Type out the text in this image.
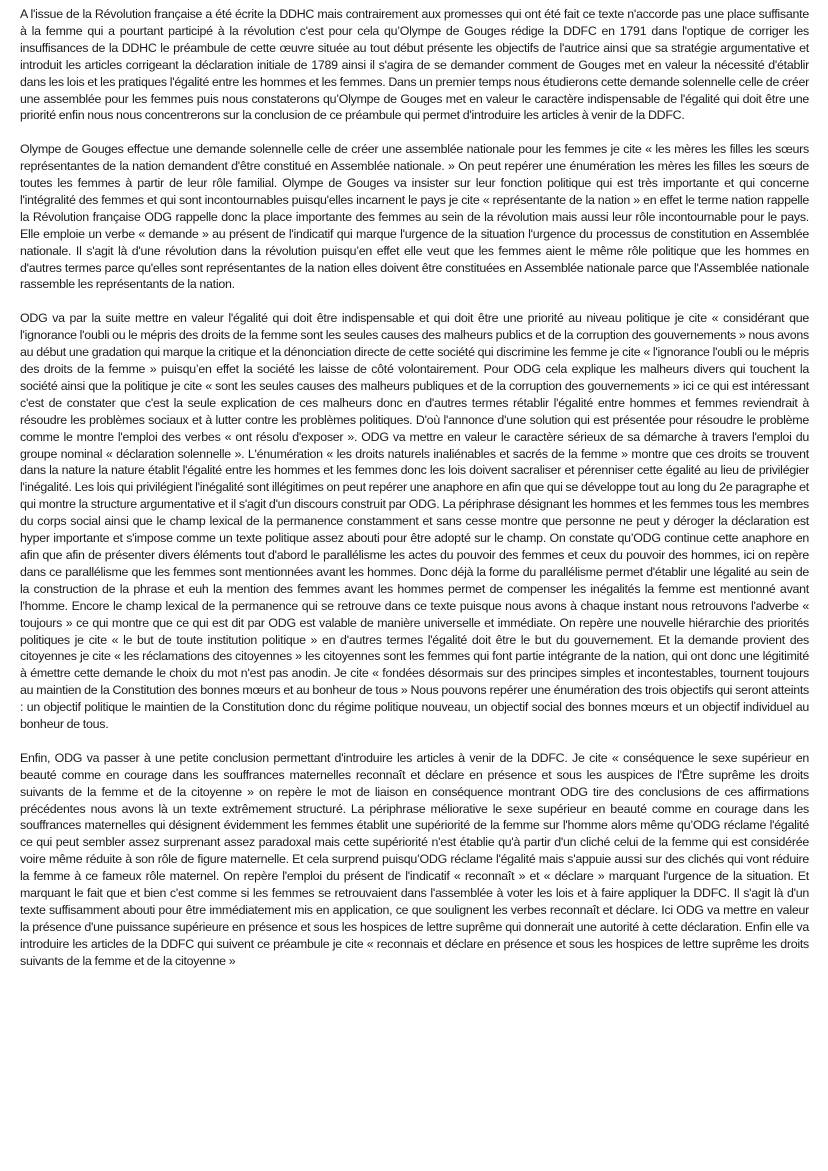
A l'issue de la Révolution française a été écrite la DDHC mais contrairement aux promesses qui ont été fait ce texte n'accorde pas une place suffisante à la femme qui a pourtant participé à la révolution c'est pour cela qu’Olympe de Gouges rédige la DDFC en 1791 dans l'optique de corriger les insuffisances de la DDHC le préambule de cette œuvre située au tout début présente les objectifs de l'autrice ainsi que sa stratégie argumentative et introduit les articles corrigeant la déclaration initiale de 1789 ainsi il s'agira de se demander comment de Gouges met en valeur la nécessité d'établir dans les lois et les pratiques l'égalité entre les hommes et les femmes. Dans un premier temps nous étudierons cette demande solennelle celle de créer une assemblée pour les femmes puis nous constaterons qu’Olympe de Gouges met en valeur le caractère indispensable de l'égalité qui doit être une priorité enfin nous nous concentrerons sur la conclusion de ce préambule qui permet d'introduire les articles à venir de la DDFC.

Olympe de Gouges effectue une demande solennelle celle de créer une assemblée nationale pour les femmes je cite « les mères les filles les sœurs représentantes de la nation demandent d'être constitué en Assemblée nationale. » On peut repérer une énumération les mères les filles les sœurs de toutes les femmes à partir de leur rôle familial. Olympe de Gouges va insister sur leur fonction politique qui est très importante et qui concerne l'intégralité des femmes et qui sont incontournables puisqu'elles incarnent le pays je cite « représentante de la nation » en effet le terme nation rappelle la Révolution française ODG rappelle donc la place importante des femmes au sein de la révolution mais aussi leur rôle incontournable pour le pays. Elle emploie un verbe « demande » au présent de l'indicatif qui marque l'urgence de la situation l'urgence du processus de constitution en Assemblée nationale. Il s'agit là d'une révolution dans la révolution puisqu’en effet elle veut que les femmes aient le même rôle politique que les hommes en d'autres termes parce qu'elles sont représentantes de la nation elles doivent être constituées en Assemblée nationale parce que l'Assemblée nationale rassemble les représentants de la nation.

ODG va par la suite mettre en valeur l'égalité qui doit être indispensable et qui doit être une priorité au niveau politique je cite « considérant que l'ignorance l'oubli ou le mépris des droits de la femme sont les seules causes des malheurs publics et de la corruption des gouvernements » nous avons au début une gradation qui marque la critique et la dénonciation directe de cette société qui discrimine les femme je cite « l'ignorance l'oubli ou le mépris des droits de la femme » puisqu’en effet la société les laisse de côté volontairement. Pour ODG cela explique les malheurs divers qui touchent la société ainsi que la politique je cite « sont les seules causes des malheurs publiques et de la corruption des gouvernements » ici ce qui est intéressant c'est de constater que c'est la seule explication de ces malheurs donc en d'autres termes rétablir l'égalité entre hommes et femmes reviendrait à résoudre les problèmes sociaux et à lutter contre les problèmes politiques. D'où l'annonce d'une solution qui est présentée pour résoudre le problème comme le montre l'emploi des verbes « ont résolu d'exposer ». ODG va mettre en valeur le caractère sérieux de sa démarche à travers l'emploi du groupe nominal « déclaration solennelle ». L'énumération « les droits naturels inaliénables et sacrés de la femme » montre que ces droits se trouvent dans la nature la nature établit l'égalité entre les hommes et les femmes donc les lois doivent sacraliser et pérenniser cette égalité au lieu de privilégier l'inégalité. Les lois qui privilégient l'inégalité sont illégitimes on peut repérer une anaphore en afin que qui se développe tout au long du 2e paragraphe et qui montre la structure argumentative et il s'agit d'un discours construit par ODG. La périphrase désignant les hommes et les femmes tous les membres du corps social ainsi que le champ lexical de la permanence constamment et sans cesse montre que personne ne peut y déroger la déclaration est hyper importante et s'impose comme un texte politique assez abouti pour être adopté sur le champ. On constate qu’ODG continue cette anaphore en afin que afin de présenter divers éléments tout d'abord le parallélisme les actes du pouvoir des femmes et ceux du pouvoir des hommes, ici on repère dans ce parallélisme que les femmes sont mentionnées avant les hommes. Donc déjà la forme du parallélisme permet d'établir une légalité au sein de la construction de la phrase et euh la mention des femmes avant les hommes permet de compenser les inégalités la femme est mentionné avant l'homme. Encore le champ lexical de la permanence qui se retrouve dans ce texte puisque nous avons à chaque instant nous retrouvons l'adverbe « toujours » ce qui montre que ce qui est dit par ODG est valable de manière universelle et immédiate. On repère une nouvelle hiérarchie des priorités politiques je cite « le but de toute institution politique » en d'autres termes l'égalité doit être le but du gouvernement. Et la demande provient des citoyennes je cite « les réclamations des citoyennes » les citoyennes sont les femmes qui font partie intégrante de la nation, qui ont donc une légitimité à émettre cette demande le choix du mot n'est pas anodin. Je cite « fondées désormais sur des principes simples et incontestables, tournent toujours au maintien de la Constitution des bonnes mœurs et au bonheur de tous » Nous pouvons repérer une énumération des trois objectifs qui seront atteints : un objectif politique le maintien de la Constitution donc du régime politique nouveau, un objectif social des bonnes mœurs et un objectif individuel au bonheur de tous.

Enfin, ODG va passer à une petite conclusion permettant d'introduire les articles à venir de la DDFC. Je cite « conséquence le sexe supérieur en beauté comme en courage dans les souffrances maternelles reconnaît et déclare en présence et sous les auspices de l'Être suprême les droits suivants de la femme et de la citoyenne » on repère le mot de liaison en conséquence montrant ODG tire des conclusions de ces affirmations précédentes nous avons là un texte extrêmement structuré. La périphrase méliorative le sexe supérieur en beauté comme en courage dans les souffrances maternelles qui désignent évidemment les femmes établit une supériorité de la femme sur l'homme alors même qu’ODG réclame l'égalité ce qui peut sembler assez surprenant assez paradoxal mais cette supériorité n'est établie qu'à partir d'un cliché celui de la femme qui est considérée voire même réduite à son rôle de figure maternelle. Et cela surprend puisqu’ODG réclame l'égalité mais s'appuie aussi sur des clichés qui vont réduire la femme à ce fameux rôle maternel. On repère l'emploi du présent de l'indicatif « reconnaît » et « déclare » marquant l'urgence de la situation. Et marquant le fait que et bien c'est comme si les femmes se retrouvaient dans l'assemblée à voter les lois et à faire appliquer la DDFC. Il s'agit là d'un texte suffisamment abouti pour être immédiatement mis en application, ce que soulignent les verbes reconnaît et déclare. Ici ODG va mettre en valeur la présence d'une puissance supérieure en présence et sous les hospices de lettre suprême qui donnerait une autorité à cette déclaration. Enfin elle va introduire les articles de la DDFC qui suivent ce préambule je cite « reconnais et déclare en présence et sous les hospices de lettre suprême les droits suivants de la femme et de la citoyenne »
